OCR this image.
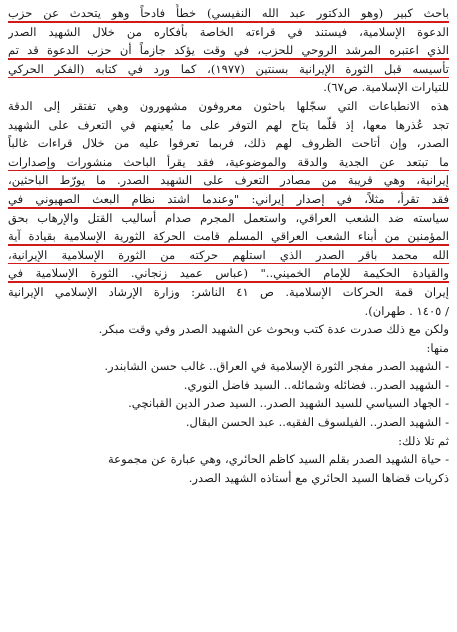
باحث كبير (وهو الدكتور عبد الله النفيسي) خطأً فادحاً وهو يتحدث عن حزب
الدعوة الإسلامية، فيستند في قراءته الخاصة بأفكاره من خلال الشهيد الصدر
الذي اعتبره المرشد الروحي للحزب، في وقت يؤكد جازماً أن حزب الدعوة قد تم
تأسيسه قبل الثورة الإيرانية بسنتين (١٩٧٧)، كما ورد في كتابه (الفكر الحركي
للتيارات الإسلامية. ص٦٧).
هذه الانطباعات التي سجّلها باحثون معروفون مشهورون وهي تفتقر إلى الدقة
تجد عُذرها معها، إذ قلّما يتاح لهم التوفر على ما يُعينهم في التعرف على الشهيد
الصدر، وإن أتاحت الظروف لهم ذلك، فربما تعرفوا عليه من خلال قراءات غالباً
ما تبتعد عن الجدية والدقة والموضوعية، فقد يقرأ الباحث منشورات وإصدارات
إيرانية، وهي قريبة من مصادر التعرف على الشهيد الصدر. ما يورّط الباحثين،
فقد تقرأ، مثلاً، في إصدار إيراني: "وعندما اشتد نظام البعث الصهيوني في
سياسته ضد الشعب العراقي، واستعمل المجرم صدام أساليب القتل والإرهاب بحق
المؤمنين من أبناء الشعب العراقي المسلم قامت الحركة الثورية الإسلامية بقيادة آية
الله محمد باقر الصدر الذي استلهم حركته من الثورة الإسلامية الإيرانية،
والقيادة الحكيمة للإمام الخميني.." (عباس عميد زنجاني. الثورة الإسلامية في
إيران قمة الحركات الإسلامية. ص ٤١ الناشر: وزارة الإرشاد الإسلامي الإيرانية
/ ١٤٠٥ . طهران).
ولكن مع ذلك صدرت عدة كتب وبحوث عن الشهيد الصدر وفي وقت مبكر.
منها:
- الشهيد الصدر مفجر الثورة الإسلامية في العراق.. غالب حسن الشابندر.
- الشهيد الصدر.. فضائله وشمائله.. السيد فاضل النوري.
- الجهاد السياسي للسيد الشهيد الصدر.. السيد صدر الدين القبانچي.
- الشهيد الصدر.. الفيلسوف الفقيه.. عبد الحسن البقال.
ثم تلا ذلك:
- حياة الشهيد الصدر بقلم السيد كاظم الحائري، وهي عبارة عن مجموعة
ذكريات قضاها السيد الحائري مع أستاذه الشهيد الصدر.
